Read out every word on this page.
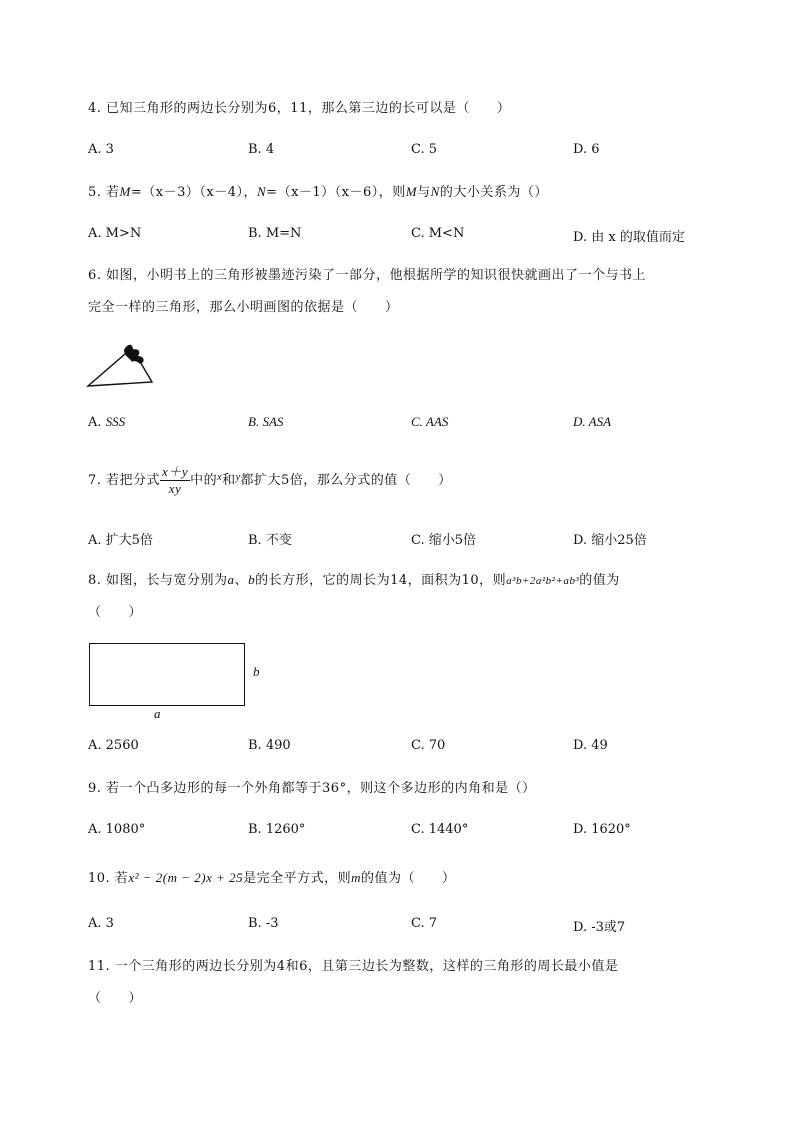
4. 已知三角形的两边长分别为6，11，那么第三边的长可以是（　　）
A. 3	B. 4	C. 5	D. 6
5. 若M=（x－3）（x－4），N=（x－1）（x－6），则M与N的大小关系为（）
A. M>N	B. M=N	C. M<N	D. 由 x 的取值而定
6. 如图，小明书上的三角形被墨迹污染了一部分，他根据所学的知识很快就画出了一个与书上
完全一样的三角形，那么小明画图的依据是（　　）
A. SSS	B. SAS	C. AAS	D. ASA
7. 若把分式 $\frac{x+y}{xy}$ 中的$^x$和$^y$都扩大5倍，那么分式的值（　　）
A. 扩大5倍	B. 不变	C. 缩小5倍	D. 缩小25倍
8. 如图，长与宽分别为a、b的长方形，它的周长为14，面积为10，则a³b+2a²b²+ab³的值为
（　　）
b
a
A. 2560	B. 490	C. 70	D. 49
9. 若一个凸多边形的每一个外角都等于36°，则这个多边形的内角和是（）
A. 1080°	B. 1260°	C. 1440°	D. 1620°
10. 若x² − 2(m − 2)x + 25是完全平方式，则m的值为（　　）
A. 3	B. -3	C. 7	D. -3或7
11. 一个三角形的两边长分别为4和6，且第三边长为整数，这样的三角形的周长最小值是
（　　）
